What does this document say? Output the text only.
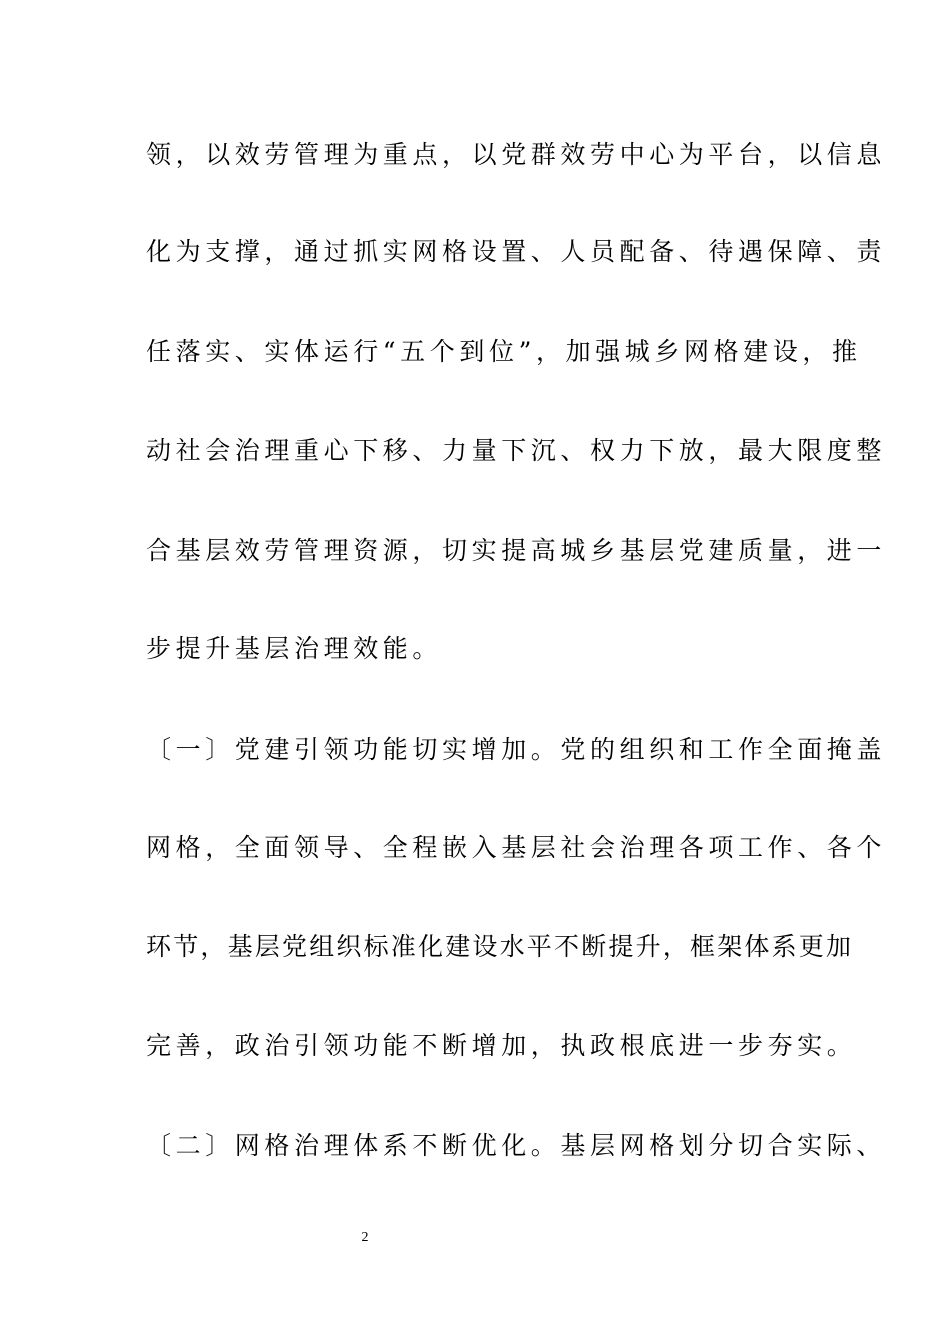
领，以效劳管理为重点，以党群效劳中心为平台，以信息
化为支撑，通过抓实网格设置、人员配备、待遇保障、责
任落实、实体运行“五个到位”，加强城乡网格建设，推
动社会治理重心下移、力量下沉、权力下放，最大限度整
合基层效劳管理资源，切实提高城乡基层党建质量，进一
步提升基层治理效能。
〔一〕党建引领功能切实增加。党的组织和工作全面掩盖
网格，全面领导、全程嵌入基层社会治理各项工作、各个
环节，基层党组织标准化建设水平不断提升，框架体系更加
完善，政治引领功能不断增加，执政根底进一步夯实。
〔二〕网格治理体系不断优化。基层网格划分切合实际、
2
